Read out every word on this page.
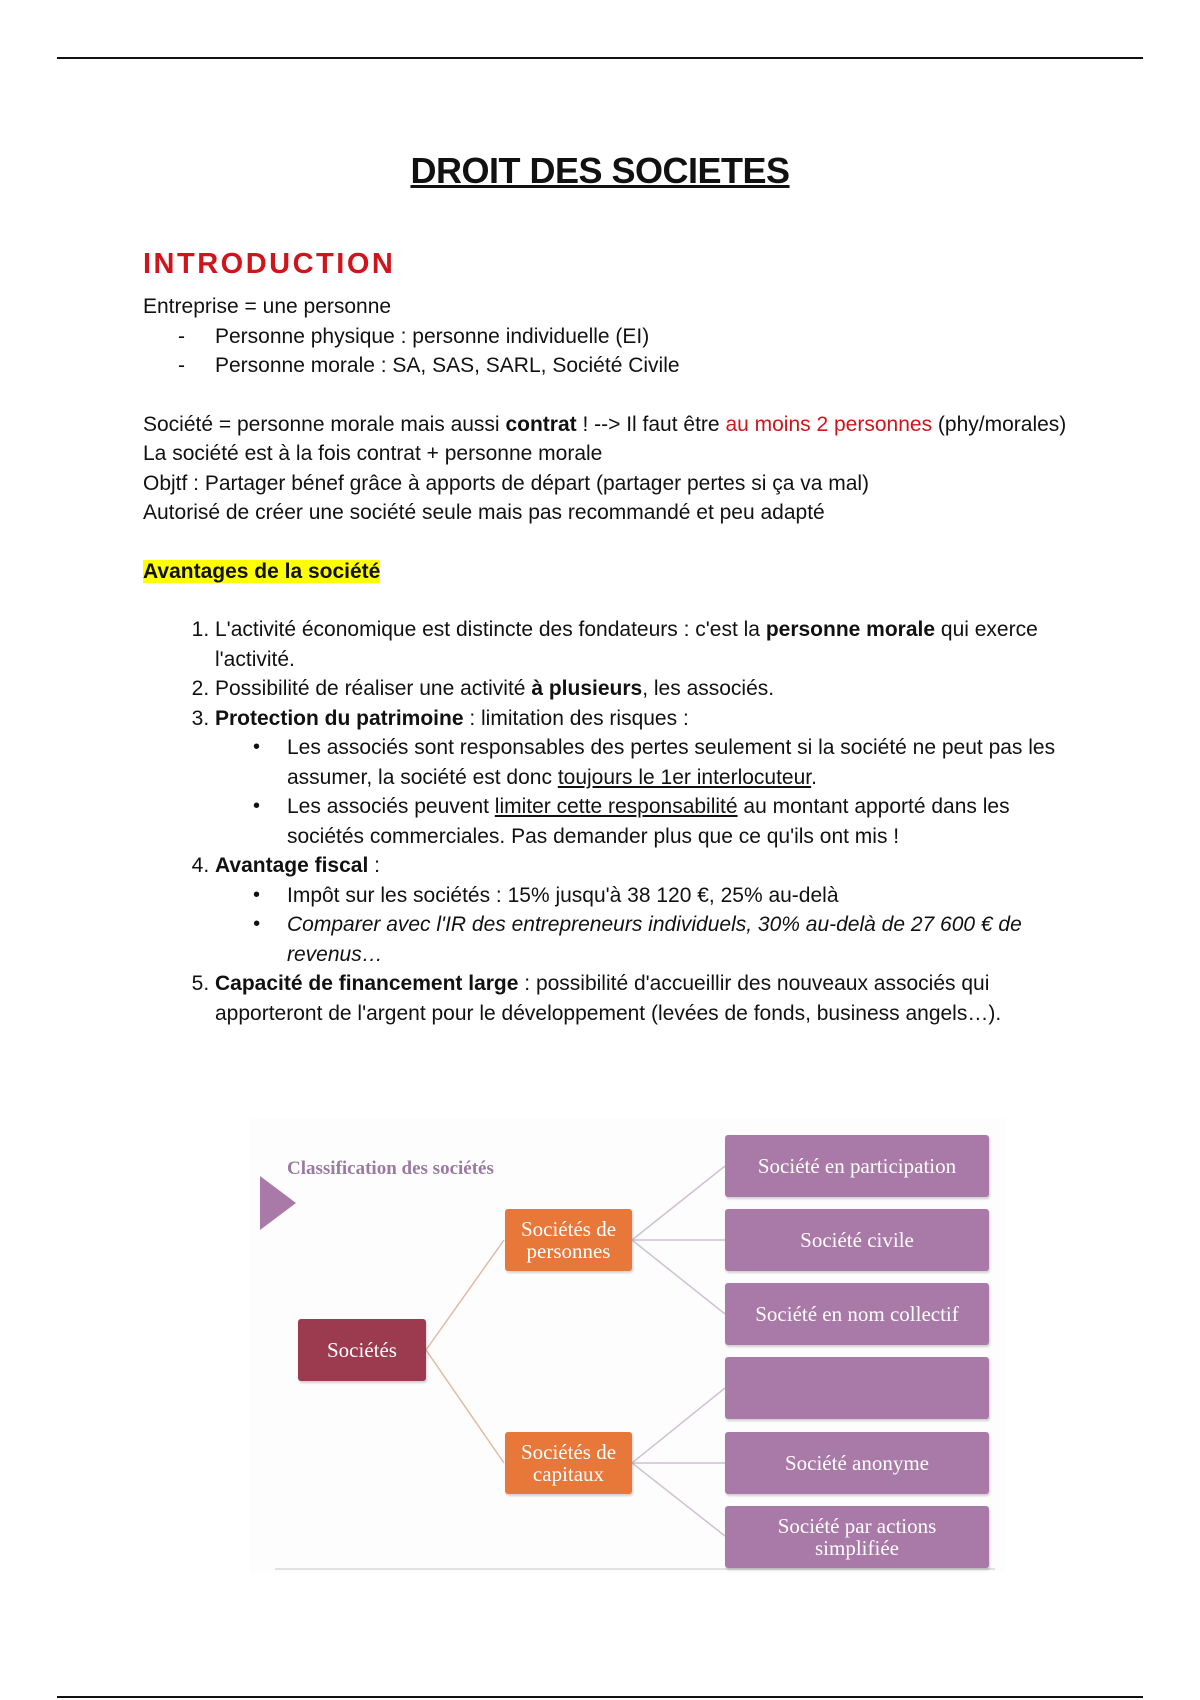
DROIT DES SOCIETES
INTRODUCTION

Entreprise = une personne

- Personne physique : personne individuelle (EI)
- Personne morale : SA, SAS, SARL, Société Civile

Société = personne morale mais aussi contrat ! --> Il faut être au moins 2 personnes (phy/morales)

La société est à la fois contrat + personne morale

Objtf : Partager bénef grâce à apports de départ (partager pertes si ça va mal)

Autorisé de créer une société seule mais pas recommandé et peu adapté

Avantages de la société

1. L'activité économique est distincte des fondateurs : c'est la personne morale qui exerce l'activité.
2. Possibilité de réaliser une activité à plusieurs, les associés.
3. Protection du patrimoine : limitation des risques :
• Les associés sont responsables des pertes seulement si la société ne peut pas les assumer, la société est donc toujours le 1er interlocuteur.
• Les associés peuvent limiter cette responsabilité au montant apporté dans les sociétés commerciales. Pas demander plus que ce qu'ils ont mis !
4. Avantage fiscal :
• Impôt sur les sociétés : 15% jusqu'à 38 120 €, 25% au-delà
• Comparer avec l'IR des entrepreneurs individuels, 30% au-delà de 27 600 € de revenus…
5. Capacité de financement large : possibilité d'accueillir des nouveaux associés qui apporteront de l'argent pour le développement (levées de fonds, business angels…).
Classification des sociétés
Sociétés
Sociétés de personnes
Sociétés de capitaux
Société en participation
Société civile
Société en nom collectif
Société anonyme
Société par actions simplifiée
